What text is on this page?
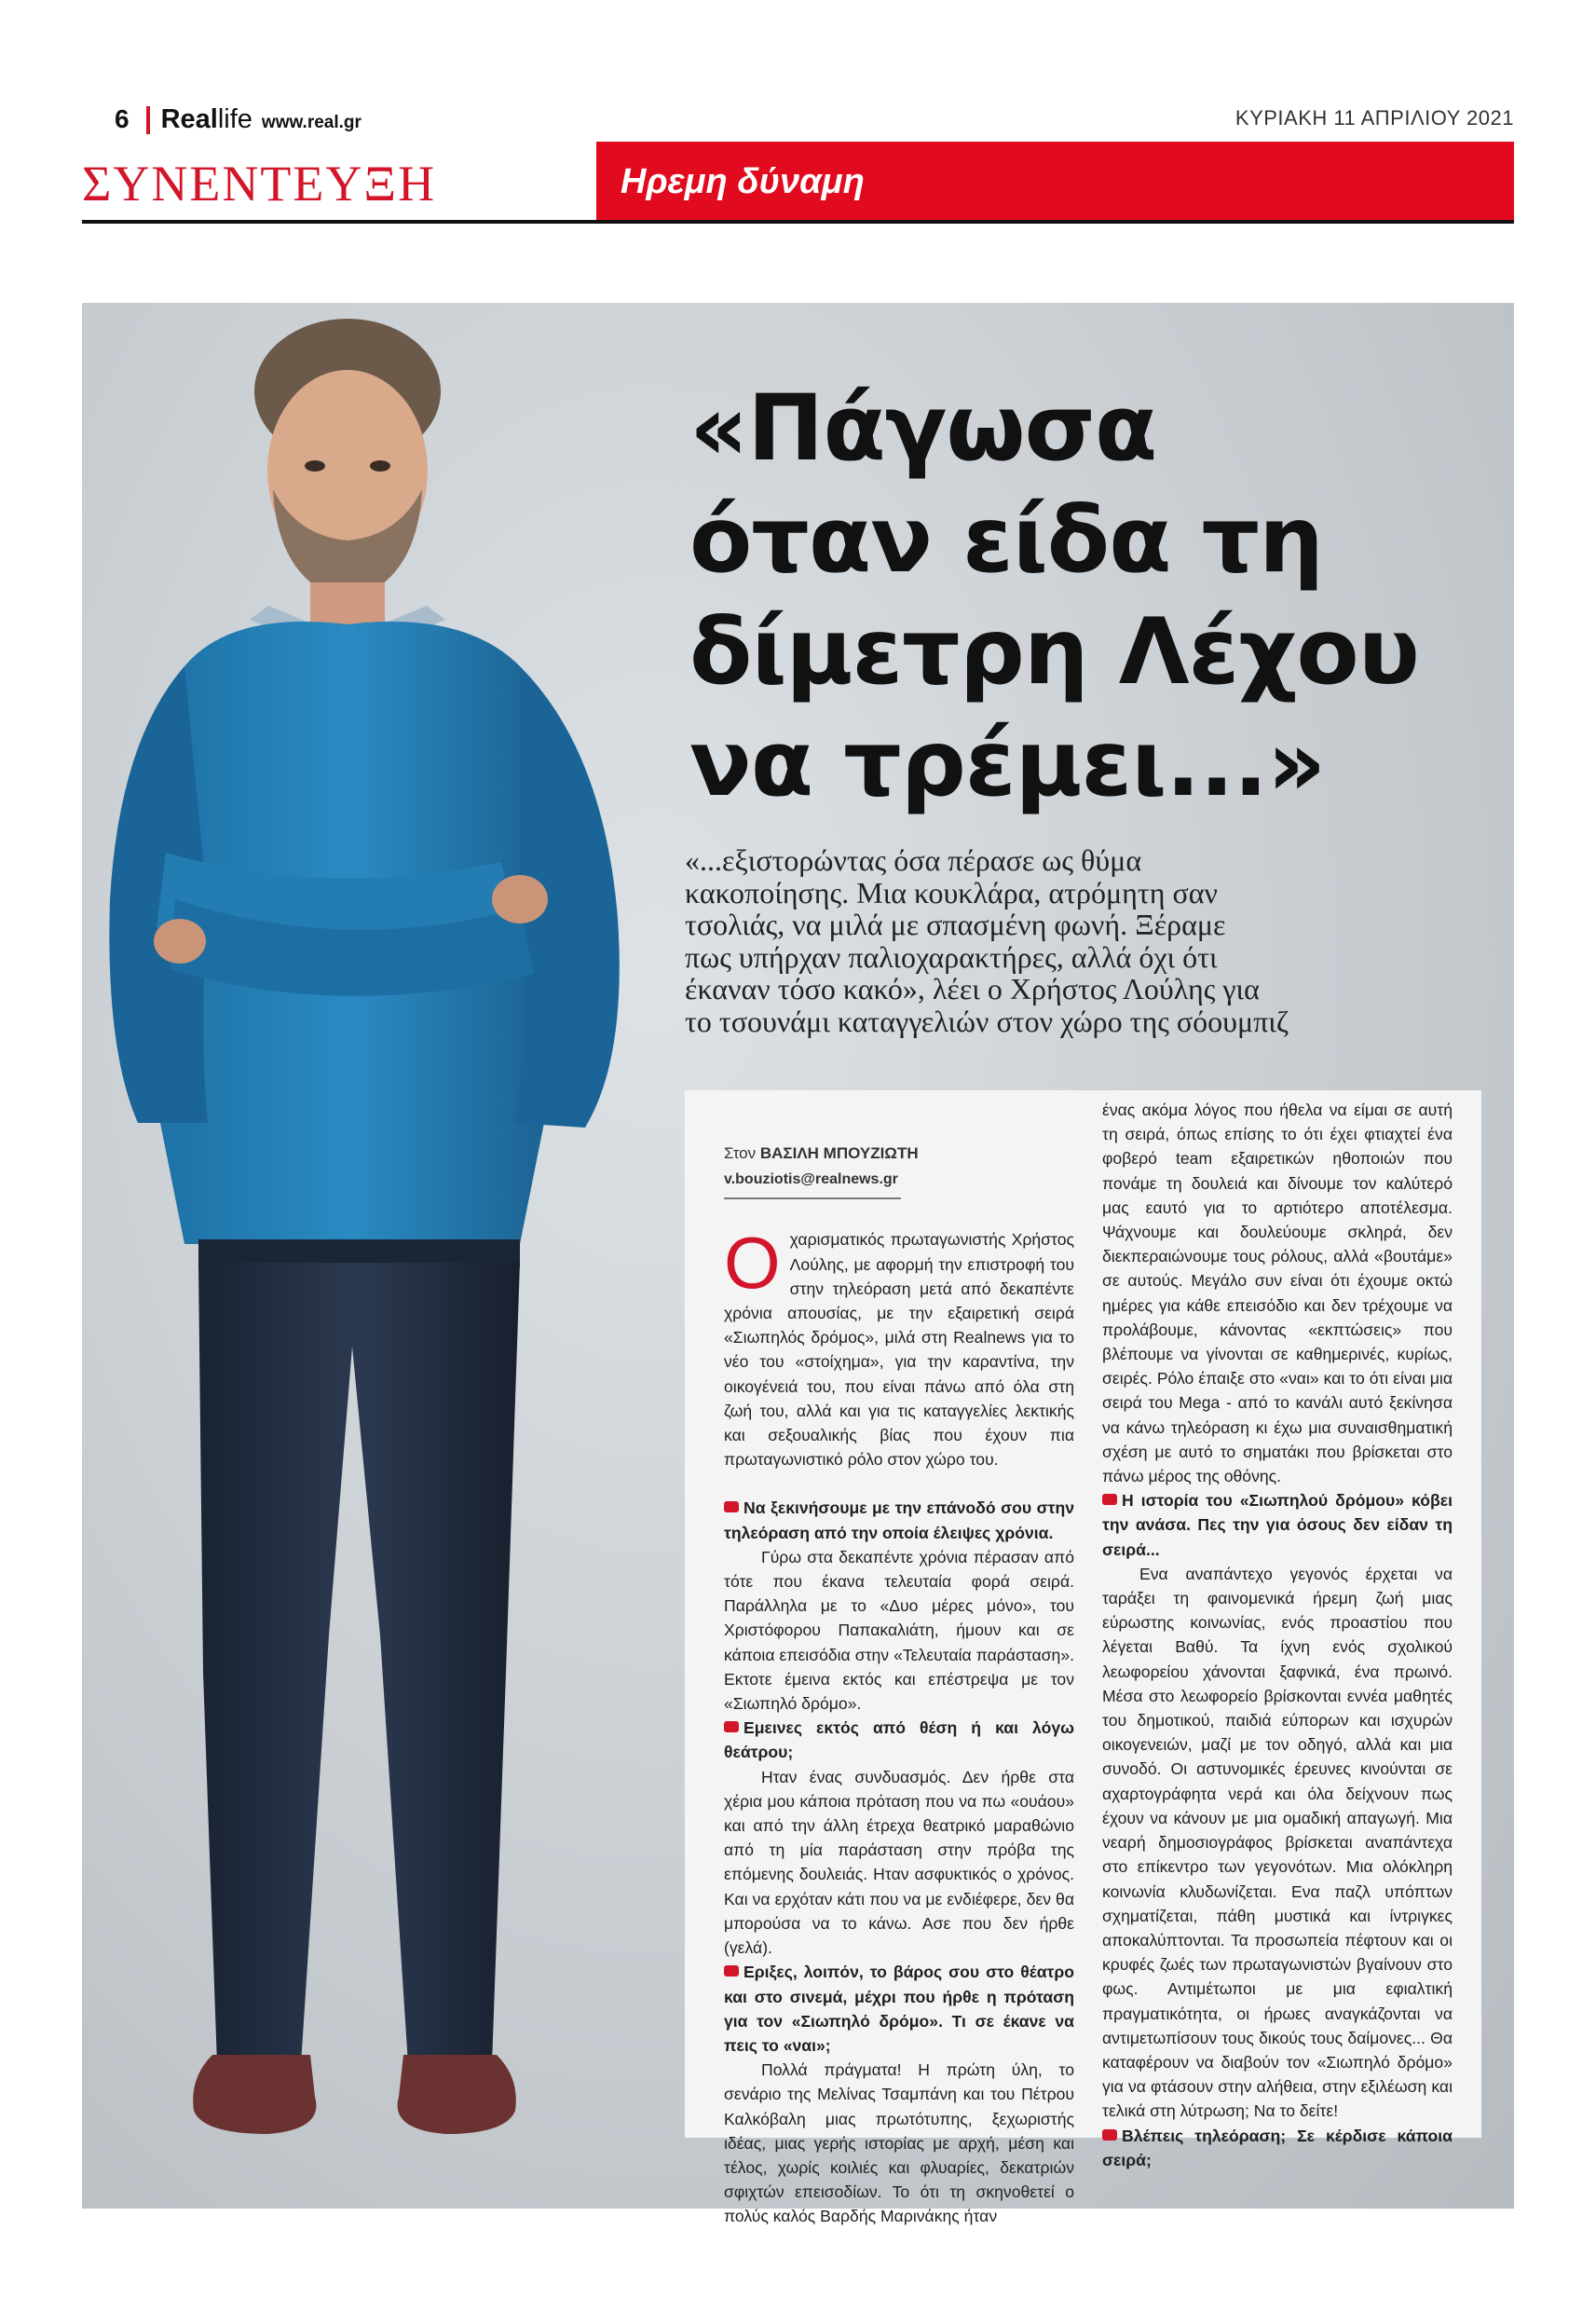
6 Reallife www.real.gr	ΚΥΡΙΑΚΗ 11 ΑΠΡΙΛΙΟΥ 2021
ΣΥΝΕΝΤΕΥΞΗ	Ηρεμη δύναμη
«Πάγωσα
όταν είδα τη
δίμετρη Λέχου
να τρέμει...»
«...εξιστορώντας όσα πέρασε ως θύμα
κακοποίησης. Μια κουκλάρα, ατρόμητη σαν
τσολιάς, να μιλά με σπασμένη φωνή. Ξέραμε
πως υπήρχαν παλιοχαρακτήρες, αλλά όχι ότι
έκαναν τόσο κακό», λέει ο Χρήστος Λούλης για
το τσουνάμι καταγγελιών στον χώρο της σόουμπιζ
Στον ΒΑΣΙΛΗ ΜΠΟΥΖΙΩΤΗ
v.bouziotis@realnews.gr

Οχαρισματικός πρωταγωνιστής Χρήστος Λούλης, με αφορμή την επιστροφή του στην τηλεόραση μετά από δεκαπέντε χρόνια απουσίας, με την εξαιρετική σειρά «Σιωπηλός δρόμος», μιλά στη Realnews για το νέο του «στοίχημα», για την καραντίνα, την οικογένειά του, που είναι πάνω από όλα στη ζωή του, αλλά και για τις καταγγελίες λεκτικής και σεξουαλικής βίας που έχουν πια πρωταγωνιστικό ρόλο στον χώρο του.

Να ξεκινήσουμε με την επάνοδό σου στην τηλεόραση από την οποία έλειψες χρόνια.
Γύρω στα δεκαπέντε χρόνια πέρασαν από τότε που έκανα τελευταία φορά σειρά. Παράλληλα με το «Δυο μέρες μόνο», του Χριστόφορου Παπακαλιάτη, ήμουν και σε κάποια επεισόδια στην «Τελευταία παράσταση». Εκτοτε έμεινα εκτός και επέστρεψα με τον «Σιωπηλό δρόμο».
Εμεινες εκτός από θέση ή και λόγω θεάτρου;
Ηταν ένας συνδυασμός. Δεν ήρθε στα χέρια μου κάποια πρόταση που να πω «ουάου» και από την άλλη έτρεχα θεατρικό μαραθώνιο από τη μία παράσταση στην πρόβα της επόμενης δουλειάς. Ηταν ασφυκτικός ο χρόνος. Και να ερχόταν κάτι που να με ενδιέφερε, δεν θα μπορούσα να το κάνω. Ασε που δεν ήρθε (γελά).
Εριξες, λοιπόν, το βάρος σου στο θέατρο και στο σινεμά, μέχρι που ήρθε η πρόταση για τον «Σιωπηλό δρόμο». Τι σε έκανε να πεις το «ναι»;
Πολλά πράγματα! Η πρώτη ύλη, το σενάριο της Μελίνας Τσαμπάνη και του Πέτρου Καλκόβαλη μιας πρωτότυπης, ξεχωριστής ιδέας, μιας γερής ιστορίας με αρχή, μέση και τέλος, χωρίς κοιλιές και φλυαρίες, δεκατριών σφιχτών επεισοδίων. Το ότι τη σκηνοθετεί ο πολύς καλός Βαρδής Μαρινάκης ήταν

ένας ακόμα λόγος που ήθελα να είμαι σε αυτή τη σειρά, όπως επίσης το ότι έχει φτιαχτεί ένα φοβερό team εξαιρετικών ηθοποιών που πονάμε τη δουλειά και δίνουμε τον καλύτερό μας εαυτό για το αρτιότερο αποτέλεσμα. Ψάχνουμε και δουλεύουμε σκληρά, δεν διεκπεραιώνουμε τους ρόλους, αλλά «βουτάμε» σε αυτούς. Μεγάλο συν είναι ότι έχουμε οκτώ ημέρες για κάθε επεισόδιο και δεν τρέχουμε να προλάβουμε, κάνοντας «εκπτώσεις» που βλέπουμε να γίνονται σε καθημερινές, κυρίως, σειρές. Ρόλο έπαιξε στο «ναι» και το ότι είναι μια σειρά του Mega - από το κανάλι αυτό ξεκίνησα να κάνω τηλεόραση κι έχω μια συναισθηματική σχέση με αυτό το σηματάκι που βρίσκεται στο πάνω μέρος της οθόνης.

Η ιστορία του «Σιωπηλού δρόμου» κόβει την ανάσα. Πες την για όσους δεν είδαν τη σειρά...
Ενα αναπάντεχο γεγονός έρχεται να ταράξει τη φαινομενικά ήρεμη ζωή μιας εύρωστης κοινωνίας, ενός προαστίου που λέγεται Βαθύ. Τα ίχνη ενός σχολικού λεωφορείου χάνονται ξαφνικά, ένα πρωινό. Μέσα στο λεωφορείο βρίσκονται εννέα μαθητές του δημοτικού, παιδιά εύπορων και ισχυρών οικογενειών, μαζί με τον οδηγό, αλλά και μια συνοδό. Οι αστυνομικές έρευνες κινούνται σε αχαρτογράφητα νερά και όλα δείχνουν πως έχουν να κάνουν με μια ομαδική απαγωγή. Μια νεαρή δημοσιογράφος βρίσκεται αναπάντεχα στο επίκεντρο των γεγονότων. Μια ολόκληρη κοινωνία κλυδωνίζεται. Ενα παζλ υπόπτων σχηματίζεται, πάθη μυστικά και ίντριγκες αποκαλύπτονται. Τα προσωπεία πέφτουν και οι κρυφές ζωές των πρωταγωνιστών βγαίνουν στο φως. Αντιμέτωποι με μια εφιαλτική πραγματικότητα, οι ήρωες αναγκάζονται να αντιμετωπίσουν τους δικούς τους δαίμονες... Θα καταφέρουν να διαβούν τον «Σιωπηλό δρόμο» για να φτάσουν στην αλήθεια, στην εξιλέωση και τελικά στη λύτρωση; Να το δείτε!
Βλέπεις τηλεόραση; Σε κέρδισε κάποια σειρά;
